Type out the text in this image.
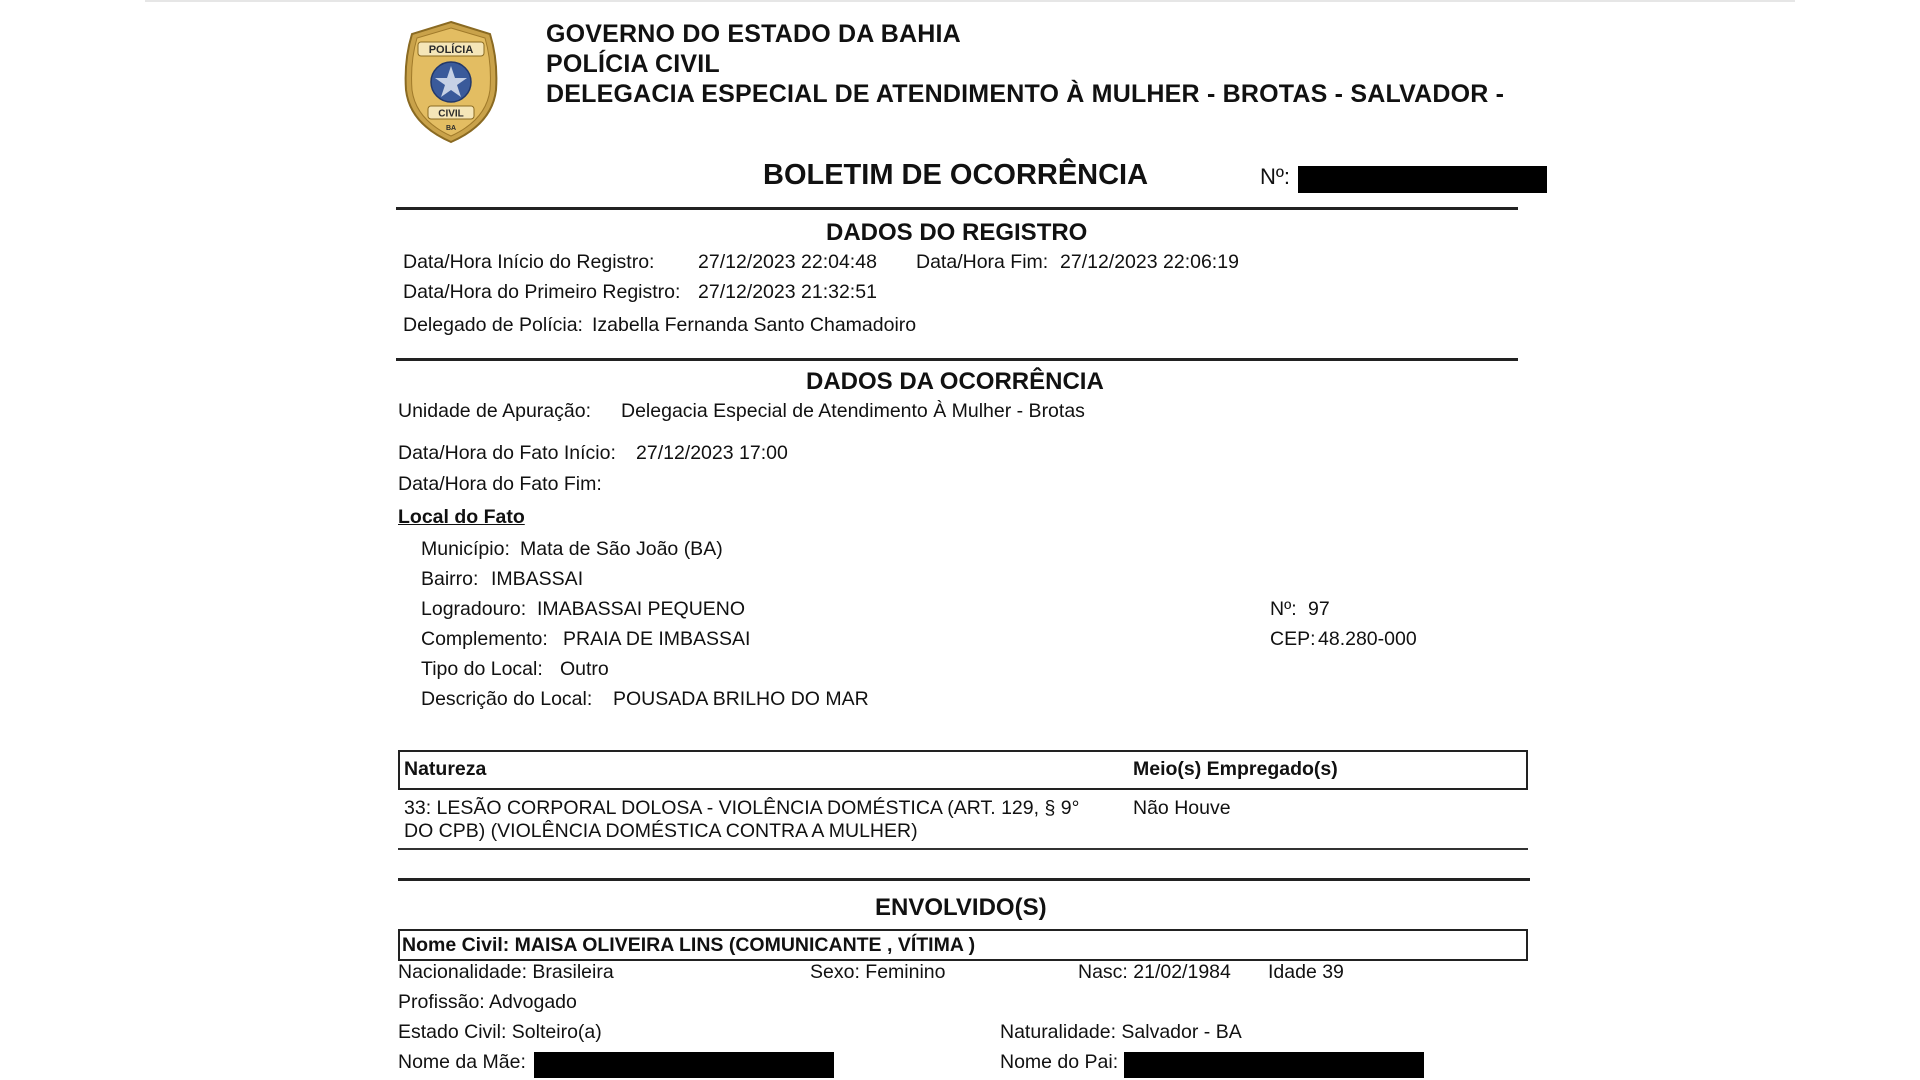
POLÍCIA
CIVIL
BA
GOVERNO DO ESTADO DA BAHIA
POLÍCIA CIVIL
DELEGACIA ESPECIAL DE ATENDIMENTO À MULHER - BROTAS - SALVADOR -
BOLETIM DE OCORRÊNCIA	Nº:
DADOS DO REGISTRO
Data/Hora Início do Registro: 27/12/2023 22:04:48 Data/Hora Fim: 27/12/2023 22:06:19
Data/Hora do Primeiro Registro: 27/12/2023 21:32:51
Delegado de Polícia: Izabella Fernanda Santo Chamadoiro
DADOS DA OCORRÊNCIA
Unidade de Apuração: Delegacia Especial de Atendimento À Mulher - Brotas
Data/Hora do Fato Início: 27/12/2023 17:00
Data/Hora do Fato Fim:
Local do Fato
Município: Mata de São João (BA)
Bairro: IMBASSAI
Logradouro: IMABASSAI PEQUENO	Nº: 97
Complemento: PRAIA DE IMBASSAI	CEP: 48.280-000
Tipo do Local: Outro
Descrição do Local: POUSADA BRILHO DO MAR
Natureza	Meio(s) Empregado(s)
33: LESÃO CORPORAL DOLOSA - VIOLÊNCIA DOMÉSTICA (ART. 129, § 9°
DO CPB) (VIOLÊNCIA DOMÉSTICA CONTRA A MULHER)
Não Houve
ENVOLVIDO(S)
Nome Civil: MAISA OLIVEIRA LINS (COMUNICANTE , VÍTIMA )
Nacionalidade: Brasileira	Sexo: Feminino	Nasc: 21/02/1984 Idade 39
Profissão: Advogado
Estado Civil: Solteiro(a)	Naturalidade: Salvador - BA
Nome da Mãe:	Nome do Pai:
